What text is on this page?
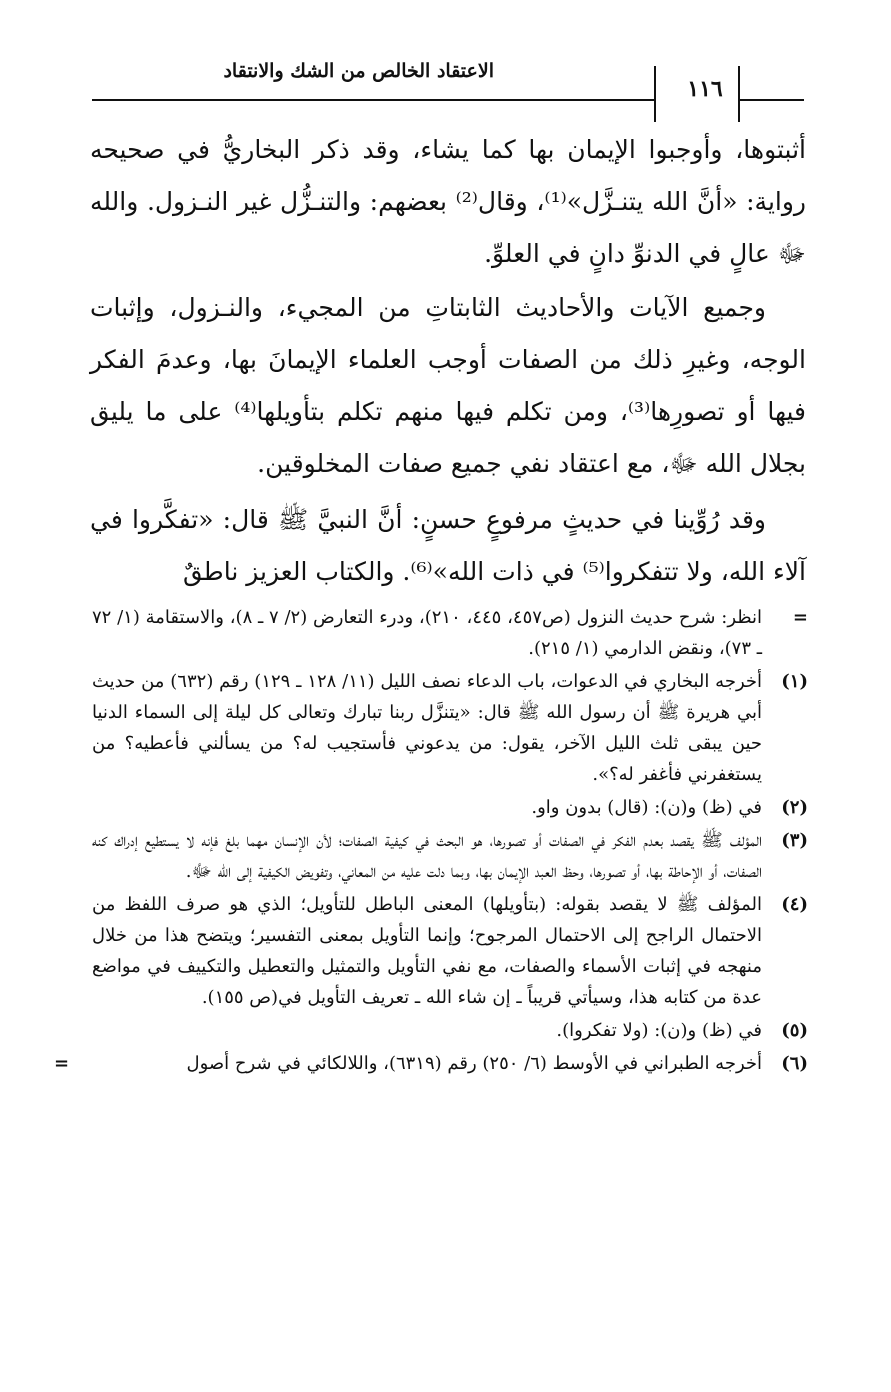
الاعتقاد الخالص من الشك والانتقاد
١١٦

أثبتوها، وأوجبوا الإيمان بها كما يشاء، وقد ذكر البخاريُّ في صحيحه رواية: «أنَّ الله يتنـزَّل»⁽¹⁾، وقال⁽²⁾ بعضهم: والتنـزُّل غير النـزول. والله ﷻ عالٍ في الدنوِّ دانٍ في العلوِّ.

وجميع الآيات والأحاديث الثابتاتِ من المجيء، والنـزول، وإثبات الوجه، وغيرِ ذلك من الصفات أوجب العلماء الإيمانَ بها، وعدمَ الفكر فيها أو تصورِها⁽³⁾، ومن تكلم فيها منهم تكلم بتأويلها⁽⁴⁾ على ما يليق بجلال الله ﷻ، مع اعتقاد نفي جميع صفات المخلوقين.

وقد رُوِّينا في حديثٍ مرفوعٍ حسنٍ: أنَّ النبيَّ ﷺ قال: «تفكَّروا في آلاء الله، ولا تتفكروا⁽⁵⁾ في ذات الله»⁽⁶⁾. والكتاب العزيز ناطقٌ

=
انظر: شرح حديث النزول (ص٤٥٧، ٤٤٥، ٢١٠)، ودرء التعارض (٢/ ٧ ـ ٨)، والاستقامة (١/ ٧٢ ـ ٧٣)، ونقض الدارمي (١/ ٢١٥).
(١)
أخرجه البخاري في الدعوات، باب الدعاء نصف الليل (١١/ ١٢٨ ـ ١٢٩) رقم (٦٣٢) من حديث أبي هريرة ﷺ أن رسول الله ﷺ قال: «يتنزَّل ربنا تبارك وتعالى كل ليلة إلى السماء الدنيا حين يبقى ثلث الليل الآخر، يقول: من يدعوني فأستجيب له؟ من يسألني فأعطيه؟ من يستغفرني فأغفر له؟».
(٢)
في (ظ) و(ن): (قال) بدون واو.
(٣)
المؤلف ﷺ يقصد بعدم الفكر في الصفات أو تصورها، هو البحث في كيفية الصفات؛ لأن الإنسان مهما بلغ فإنه لا يستطيع إدراك كنه الصفات، أو الإحاطة بها، أو تصورها، وحظ العبد الإيمان بها، وبما دلت عليه من المعاني، وتفويض الكيفية إلى الله ﷻ.
(٤)
المؤلف ﷺ لا يقصد بقوله: (بتأويلها) المعنى الباطل للتأويل؛ الذي هو صرف اللفظ من الاحتمال الراجح إلى الاحتمال المرجوح؛ وإنما التأويل بمعنى التفسير؛ ويتضح هذا من خلال منهجه في إثبات الأسماء والصفات، مع نفي التأويل والتمثيل والتعطيل والتكييف في مواضع عدة من كتابه هذا، وسيأتي قريباً ـ إن شاء الله ـ تعريف التأويل في(ص ١٥٥).
(٥)
في (ظ) و(ن): (ولا تفكروا).
(٦)
أخرجه الطبراني في الأوسط (٦/ ٢٥٠) رقم (٦٣١٩)، واللالكائي في شرح أصول
=
